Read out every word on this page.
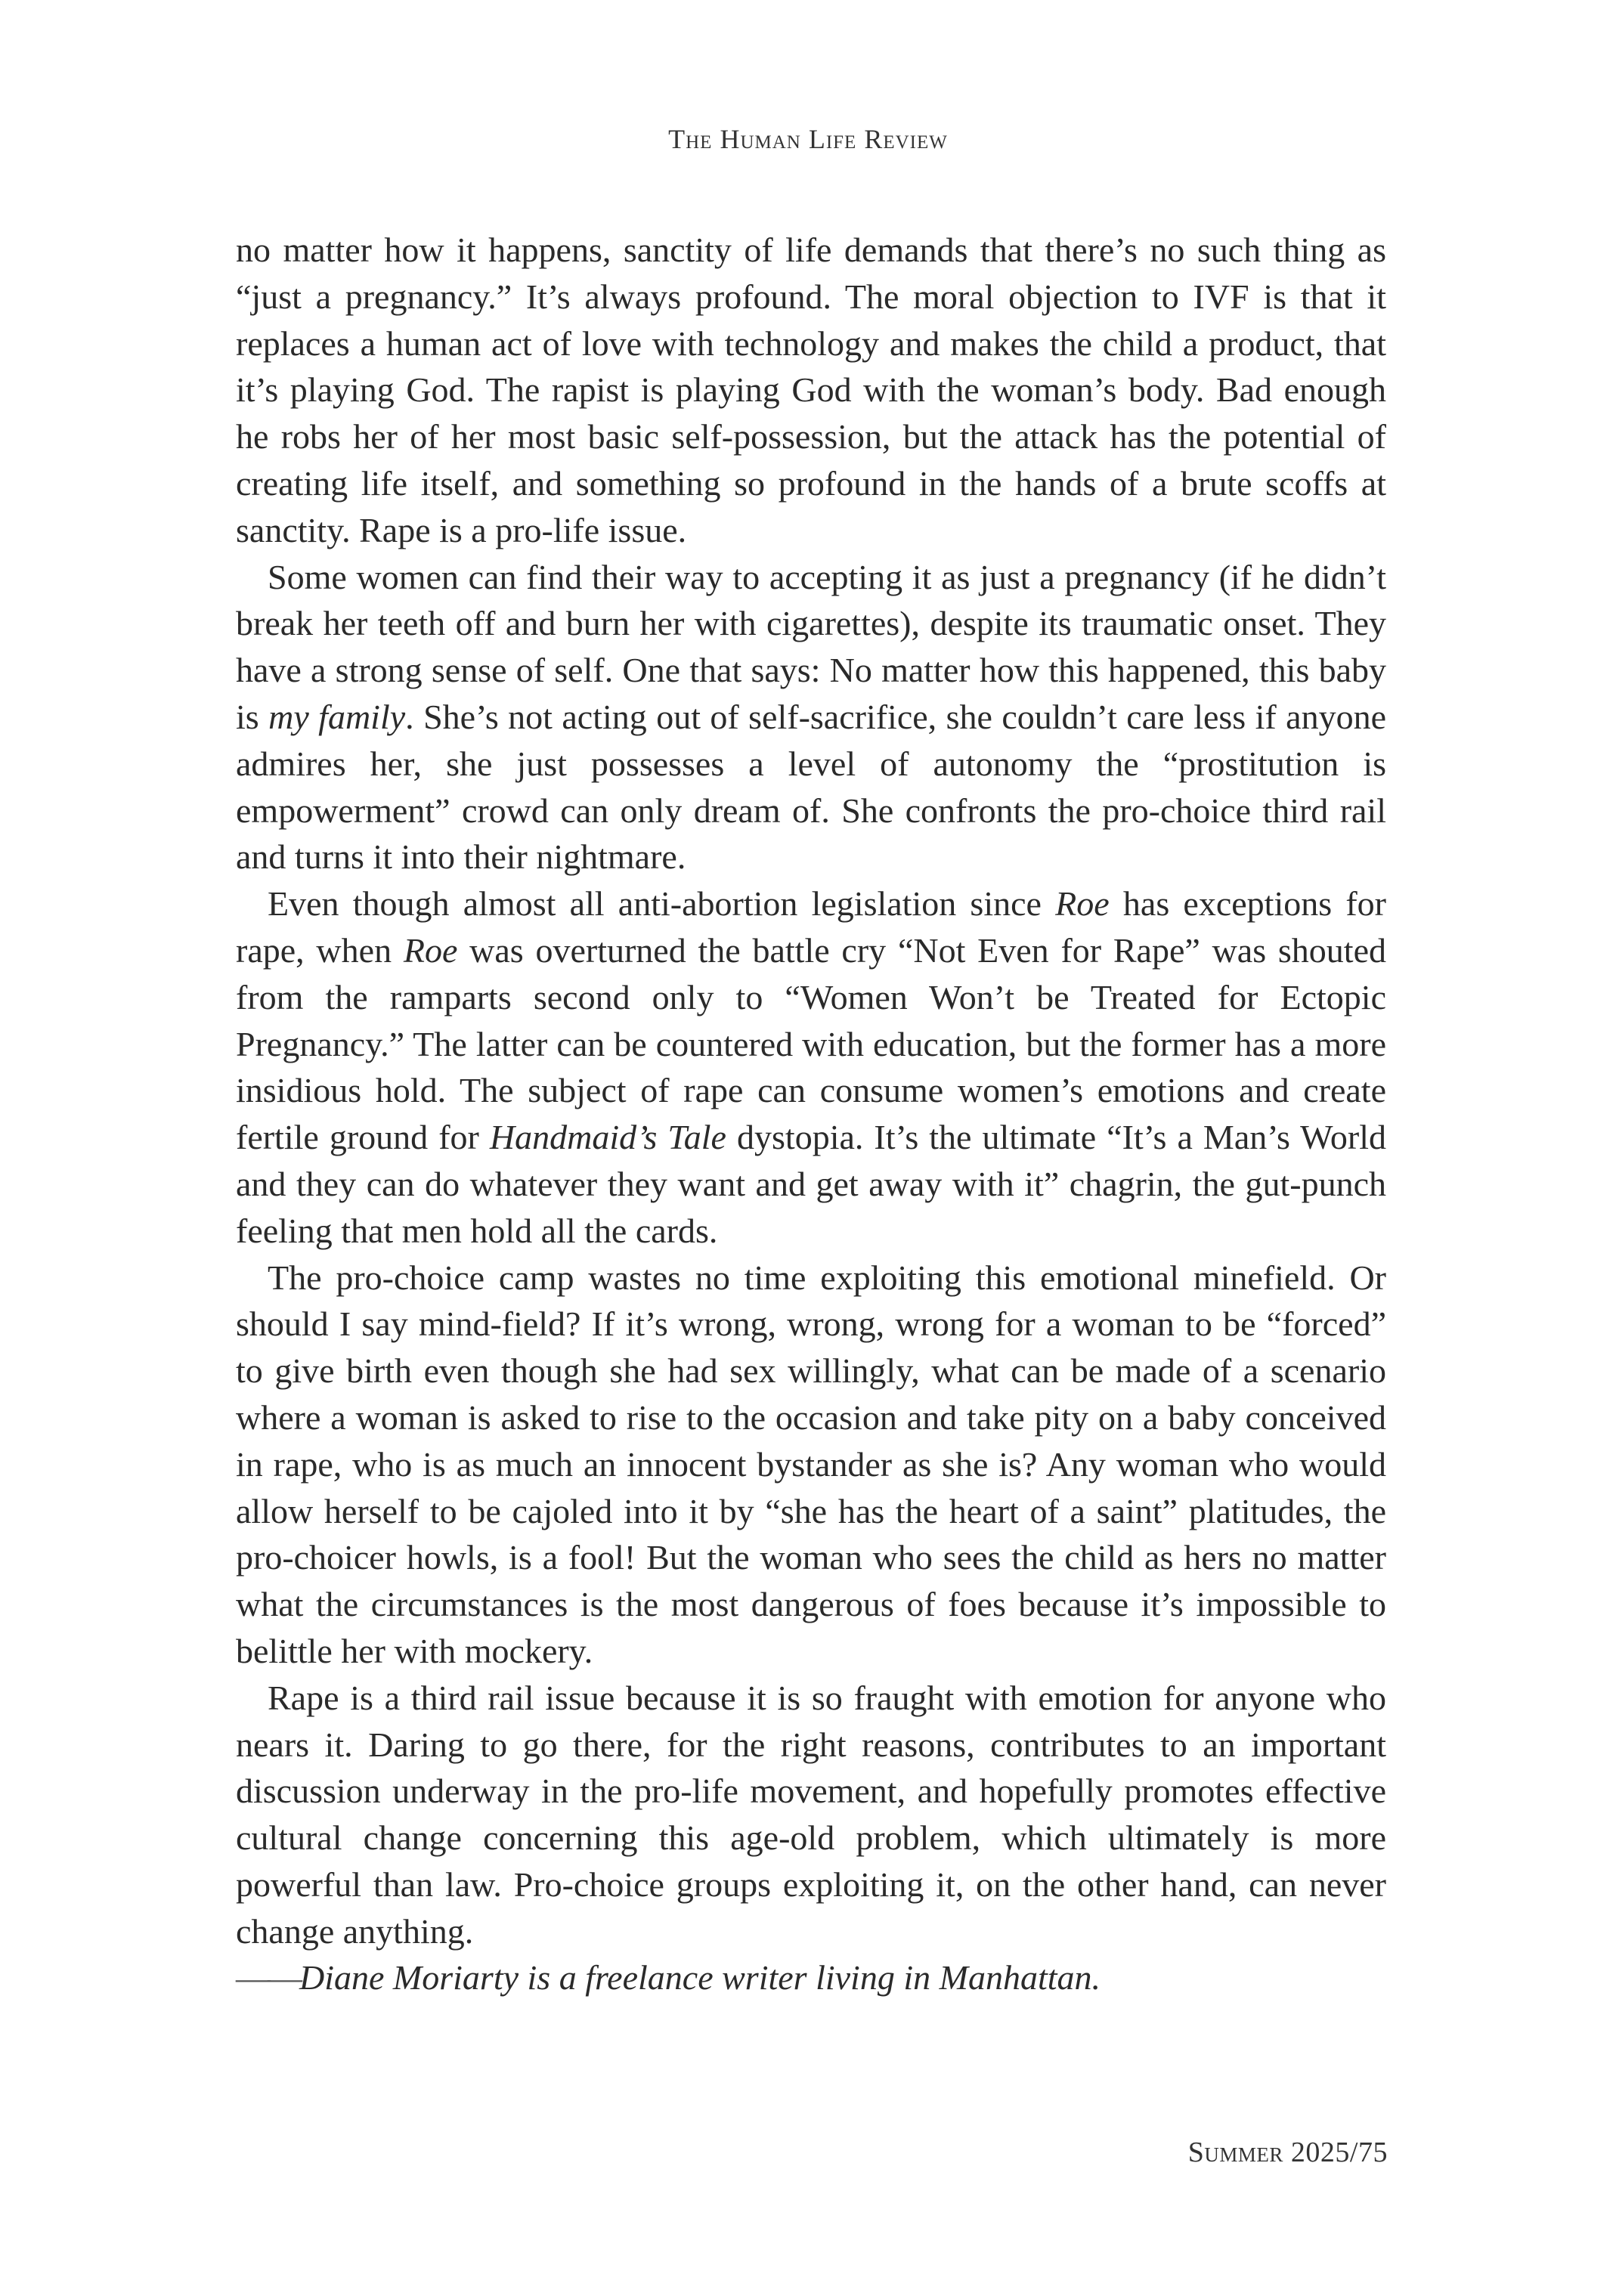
The Human Life Review

no matter how it happens, sanctity of life demands that there’s no such thing as “just a pregnancy.” It’s always profound. The moral objection to IVF is that it replaces a human act of love with technology and makes the child a product, that it’s playing God. The rapist is playing God with the woman’s body. Bad enough he robs her of her most basic self-possession, but the attack has the potential of creating life itself, and something so profound in the hands of a brute scoffs at sanctity. Rape is a pro-life issue.

Some women can find their way to accepting it as just a pregnancy (if he didn’t break her teeth off and burn her with cigarettes), despite its traumatic onset. They have a strong sense of self. One that says: No matter how this happened, this baby is my family. She’s not acting out of self-sacrifice, she couldn’t care less if anyone admires her, she just possesses a level of autonomy the “prostitution is empowerment” crowd can only dream of. She confronts the pro-choice third rail and turns it into their nightmare.

Even though almost all anti-abortion legislation since Roe has exceptions for rape, when Roe was overturned the battle cry “Not Even for Rape” was shouted from the ramparts second only to “Women Won’t be Treated for Ectopic Pregnancy.” The latter can be countered with education, but the former has a more insidious hold. The subject of rape can consume women’s emotions and create fertile ground for Handmaid’s Tale dystopia. It’s the ultimate “It’s a Man’s World and they can do whatever they want and get away with it” chagrin, the gut-punch feeling that men hold all the cards.

The pro-choice camp wastes no time exploiting this emotional minefield. Or should I say mind-field? If it’s wrong, wrong, wrong for a woman to be “forced” to give birth even though she had sex willingly, what can be made of a scenario where a woman is asked to rise to the occasion and take pity on a baby conceived in rape, who is as much an innocent bystander as she is? Any woman who would allow herself to be cajoled into it by “she has the heart of a saint” platitudes, the pro-choicer howls, is a fool! But the woman who sees the child as hers no matter what the circumstances is the most dangerous of foes because it’s impossible to belittle her with mockery.

Rape is a third rail issue because it is so fraught with emotion for anyone who nears it. Daring to go there, for the right reasons, contributes to an important discussion underway in the pro-life movement, and hopefully promotes effective cultural change concerning this age-old problem, which ultimately is more powerful than law. Pro-choice groups exploiting it, on the other hand, can never change anything.

——Diane Moriarty is a freelance writer living in Manhattan.

Summer 2025/75
